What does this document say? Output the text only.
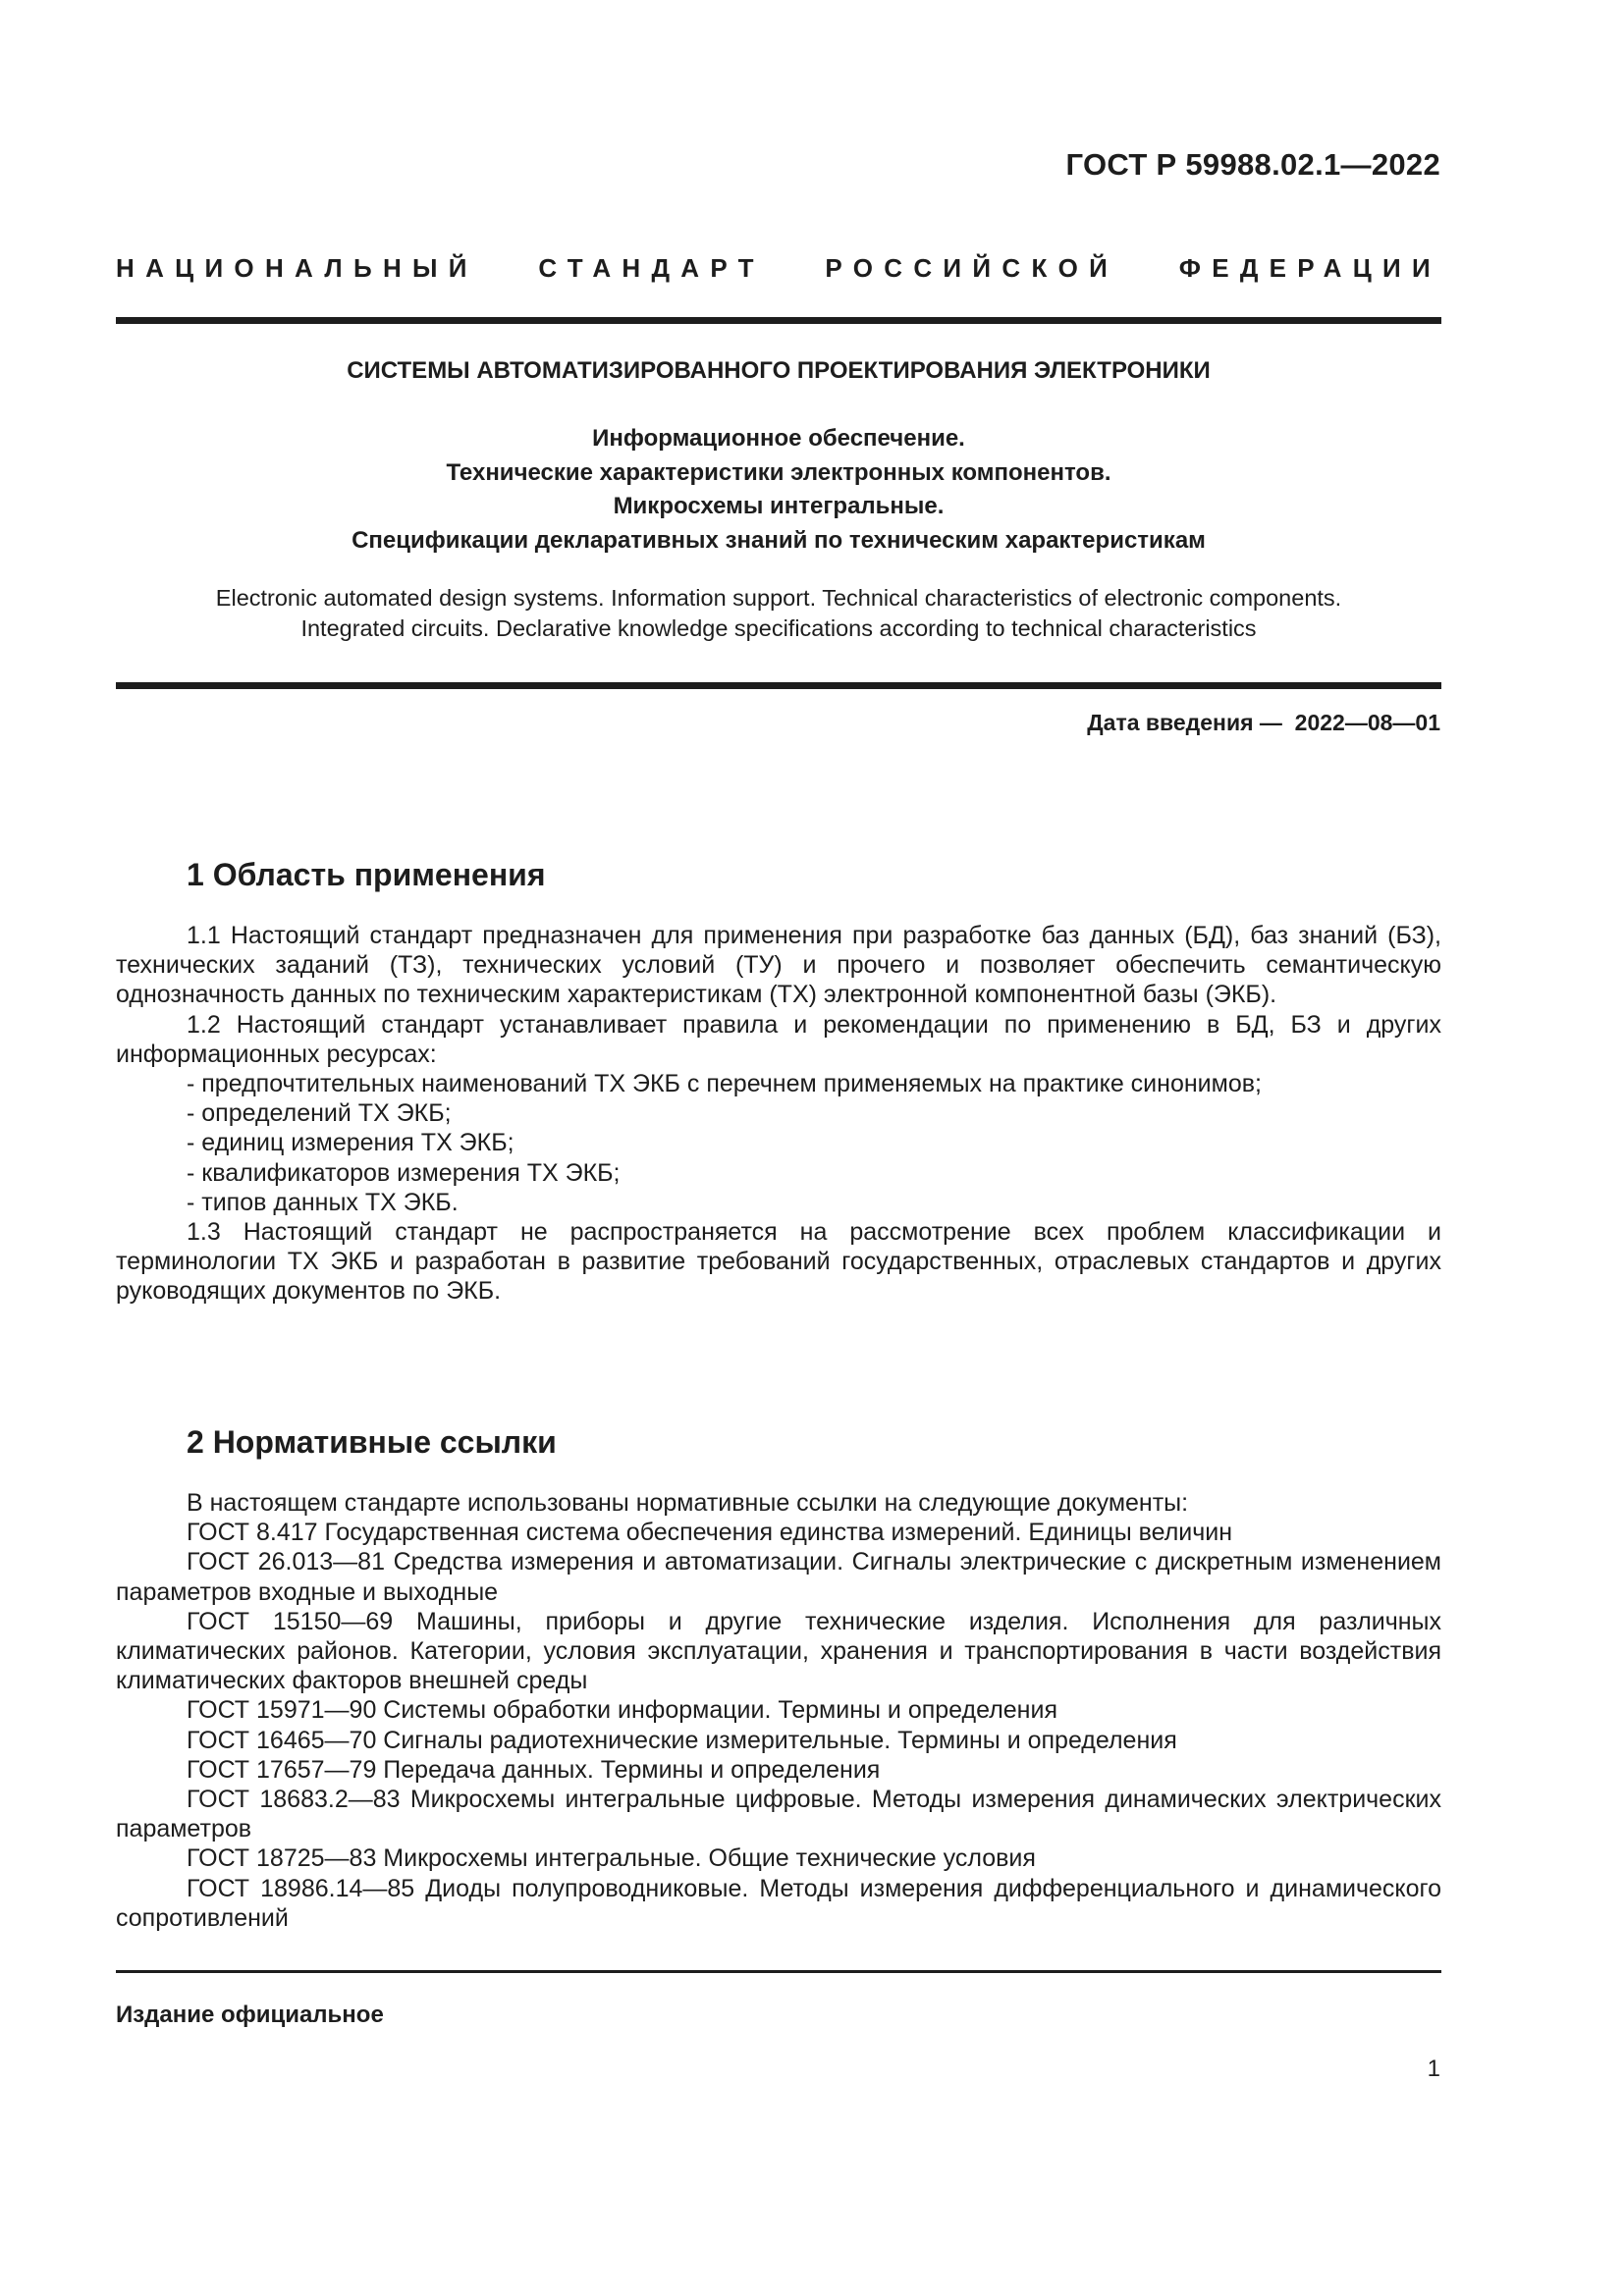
ГОСТ Р 59988.02.1—2022
НАЦИОНАЛЬНЫЙ СТАНДАРТ РОССИЙСКОЙ ФЕДЕРАЦИИ
СИСТЕМЫ АВТОМАТИЗИРОВАННОГО ПРОЕКТИРОВАНИЯ ЭЛЕКТРОНИКИ
Информационное обеспечение.
Технические характеристики электронных компонентов.
Микросхемы интегральные.
Спецификации декларативных знаний по техническим характеристикам
Electronic automated design systems. Information support. Technical characteristics of electronic components.
Integrated circuits. Declarative knowledge specifications according to technical characteristics
Дата введения —  2022—08—01
1 Область применения

1.1 Настоящий стандарт предназначен для применения при разработке баз данных (БД), баз знаний (БЗ), технических заданий (ТЗ), технических условий (ТУ) и прочего и позволяет обеспечить семантическую однозначность данных по техническим характеристикам (ТХ) электронной компонентной базы (ЭКБ).

1.2 Настоящий стандарт устанавливает правила и рекомендации по применению в БД, БЗ и других информационных ресурсах:

- предпочтительных наименований ТХ ЭКБ с перечнем применяемых на практике синонимов;

- определений ТХ ЭКБ;

- единиц измерения ТХ ЭКБ;

- квалификаторов измерения ТХ ЭКБ;

- типов данных ТХ ЭКБ.

1.3 Настоящий стандарт не распространяется на рассмотрение всех проблем классификации и терминологии ТХ ЭКБ и разработан в развитие требований государственных, отраслевых стандартов и других руководящих документов по ЭКБ.

2 Нормативные ссылки

В настоящем стандарте использованы нормативные ссылки на следующие документы:

ГОСТ 8.417 Государственная система обеспечения единства измерений. Единицы величин

ГОСТ 26.013—81 Средства измерения и автоматизации. Сигналы электрические с дискретным изменением параметров входные и выходные

ГОСТ 15150—69 Машины, приборы и другие технические изделия. Исполнения для различных климатических районов. Категории, условия эксплуатации, хранения и транспортирования в части воздействия климатических факторов внешней среды

ГОСТ 15971—90 Системы обработки информации. Термины и определения

ГОСТ 16465—70 Сигналы радиотехнические измерительные. Термины и определения

ГОСТ 17657—79 Передача данных. Термины и определения

ГОСТ 18683.2—83 Микросхемы интегральные цифровые. Методы измерения динамических электрических параметров

ГОСТ 18725—83 Микросхемы интегральные. Общие технические условия

ГОСТ 18986.14—85 Диоды полупроводниковые. Методы измерения дифференциального и динамического сопротивлений

Издание официальное
1
